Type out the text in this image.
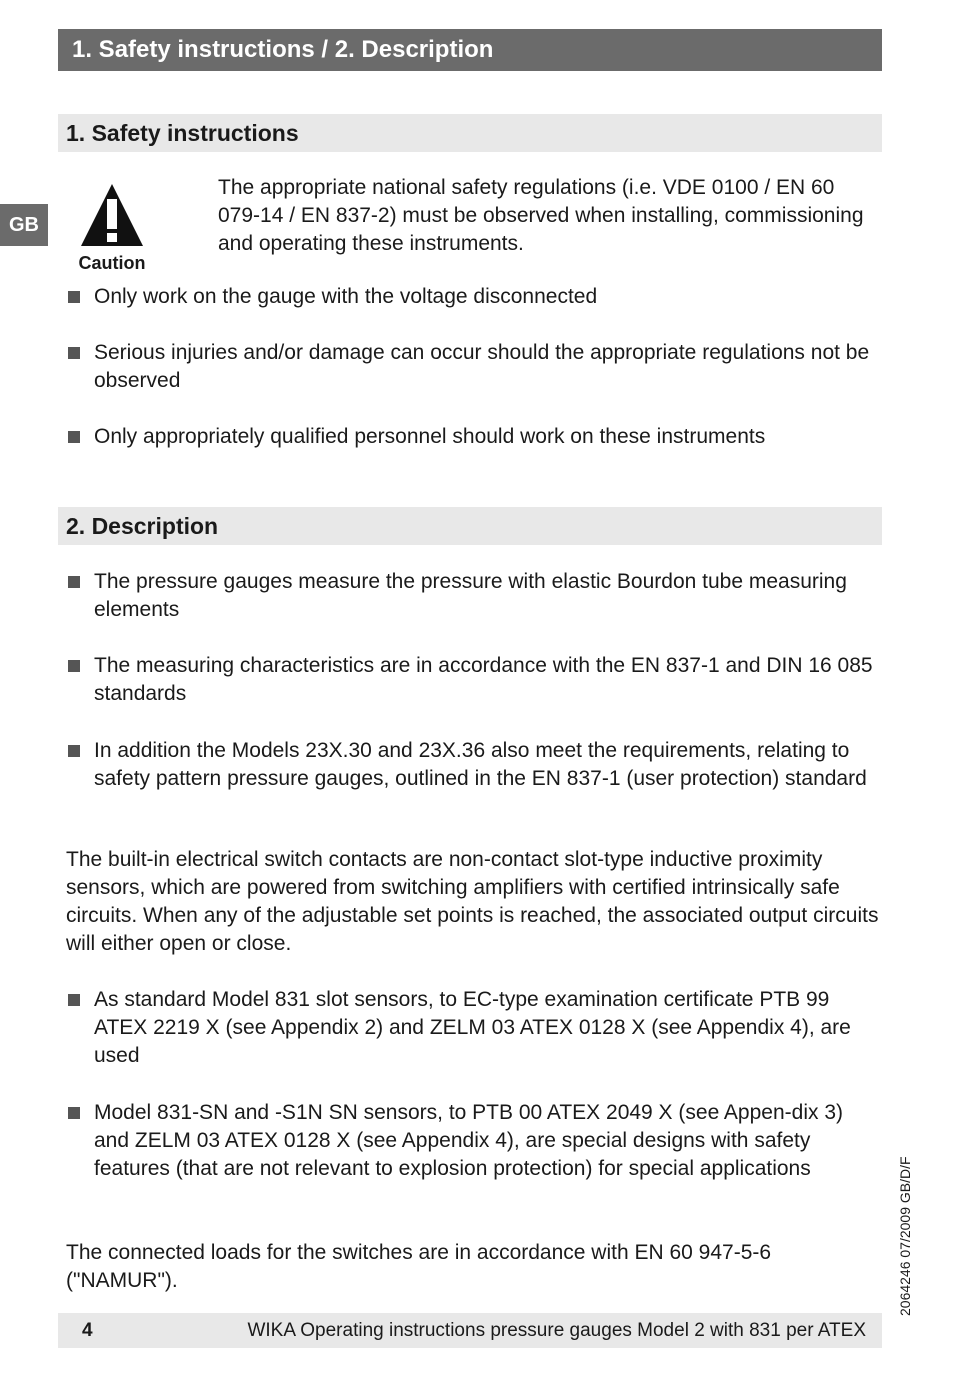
1. Safety instructions / 2. Description
GB
1. Safety instructions
Caution
The appropriate national safety regulations (i.e. VDE 0100 / EN 60 079-14 / EN 837-2) must be observed when installing, commissioning and operating these instruments.
Only work on the gauge with the voltage disconnected
Serious injuries and/or damage can occur should the appropriate regulations not be observed
Only appropriately qualified personnel should work on these instruments
2. Description
The pressure gauges measure the pressure with elastic Bourdon tube measuring elements
The measuring characteristics are in accordance with the EN 837-1 and DIN 16 085 standards
In addition the Models 23X.30 and 23X.36 also meet the requirements, relating to safety pattern pressure gauges, outlined in the EN 837-1 (user protection) standard
The built-in electrical switch contacts are non-contact slot-type inductive proximity sensors, which are powered from switching amplifiers with certified intrinsically safe circuits. When any of the adjustable set points is reached, the associated output circuits will either open or close.
As standard Model 831 slot sensors, to EC-type examination certificate PTB 99 ATEX 2219 X (see Appendix 2) and ZELM 03 ATEX 0128 X (see Appendix 4), are used
Model 831-SN and -S1N SN sensors, to PTB 00 ATEX 2049 X (see Appen-dix 3) and ZELM 03 ATEX 0128 X (see Appendix 4), are special designs with safety features (that are not relevant to explosion protection) for special applications
The connected loads for the switches are in accordance with EN 60 947-5-6 ("NAMUR").	2064246 07/2009 GB/D/F
4	WIKA Operating instructions pressure gauges Model 2 with 831 per ATEX
